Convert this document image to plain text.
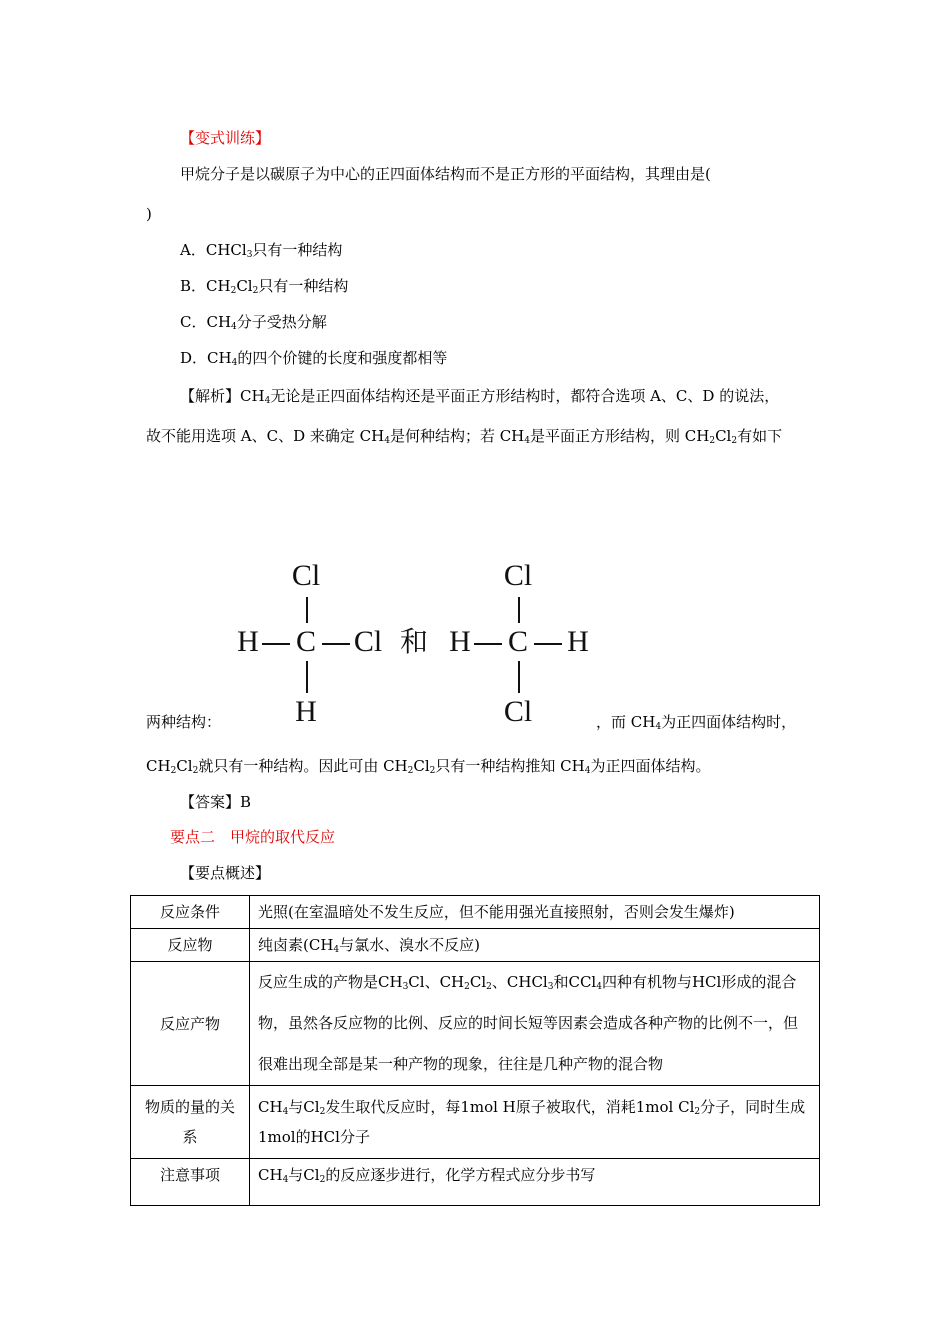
【变式训练】
甲烷分子是以碳原子为中心的正四面体结构而不是正方形的平面结构，其理由是(
)
A．CHCl$_3$只有一种结构
B．$CH_2Cl_2$只有一种结构
C．$CH_4$分子受热分解
D．$CH_4$的四个价键的长度和强度都相等
【解析】$CH_4$无论是正四面体结构还是平面正方形结构时，都符合选项 A、C、D 的说法，
故不能用选项 A、C、D 来确定 $CH_4$是何种结构；若 $CH_4$是平面正方形结构，则 $CH_2Cl_2$有如下
Cl
H C Cl
H
和
Cl
H C H
Cl
两种结构：	，而 $CH_4$为正四面体结构时，
$CH_2Cl_2$就只有一种结构。因此可由 $CH_2Cl_2$只有一种结构推知 $CH_4$为正四面体结构。
【答案】B
要点二　甲烷的取代反应
【要点概述】
反应条件	光照(在室温暗处不发生反应，但不能用强光直接照射，否则会发生爆炸)
反应物	纯卤素($CH_4$与氯水、溴水不反应)
反应产物	反应生成的产物是$CH_3Cl$、$CH_2Cl_2$、CHCl$_3$和CCl$_4$四种有机物与HCl形成的混合物，虽然各反应物的比例、反应的时间长短等因素会造成各种产物的比例不一，但很难出现全部是某一种产物的现象，往往是几种产物的混合物
物质的量的关系	$CH_4$与$Cl_2$发生取代反应时，每1mol H原子被取代，消耗1mol $Cl_2$分子，同时生成1mol的HCl分子
注意事项	$CH_4$与$Cl_2$的反应逐步进行，化学方程式应分步书写
